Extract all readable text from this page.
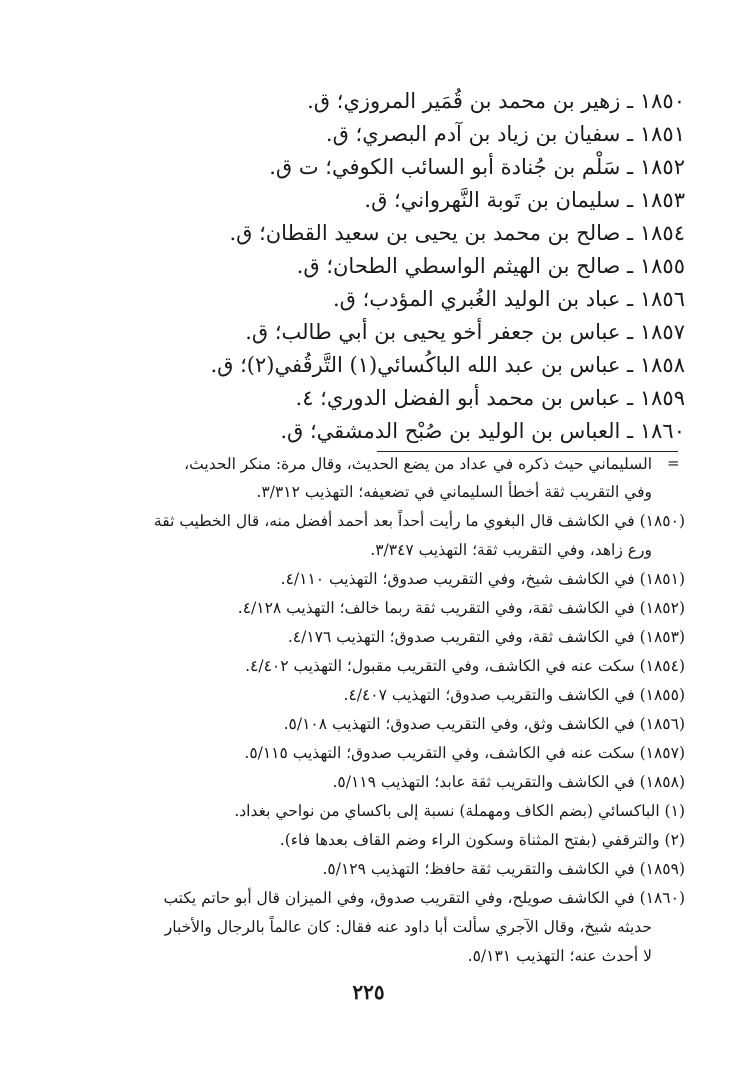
١٨٥٠ ـ زهير بن محمد بن قُمَير المروزي؛ ق.
١٨٥١ ـ سفيان بن زياد بن آدم البصري؛ ق.
١٨٥٢ ـ سَلْم بن جُنادة أبو السائب الكوفي؛ ت ق.
١٨٥٣ ـ سليمان بن تَوبة النَّهرواني؛ ق.
١٨٥٤ ـ صالح بن محمد بن يحيى بن سعيد القطان؛ ق.
١٨٥٥ ـ صالح بن الهيثم الواسطي الطحان؛ ق.
١٨٥٦ ـ عباد بن الوليد الغُبري المؤدب؛ ق.
١٨٥٧ ـ عباس بن جعفر أخو يحيى بن أبي طالب؛ ق.
١٨٥٨ ـ عباس بن عبد الله الباكُسائي(١) التَّرقُفي(٢)؛ ق.
١٨٥٩ ـ عباس بن محمد أبو الفضل الدوري؛ ٤.
١٨٦٠ ـ العباس بن الوليد بن صُبْح الدمشقي؛ ق.
=
السليماني حيث ذكره في عداد من يضع الحديث، وقال مرة: منكر الحديث،
وفي التقريب ثقة أخطأ السليماني في تضعيفه؛ التهذيب ٣/٣١٢.
(١٨٥٠) في الكاشف قال البغوي ما رأيت أحداً بعد أحمد أفضل منه، قال الخطيب ثقة
ورع زاهد، وفي التقريب ثقة؛ التهذيب ٣/٣٤٧.
(١٨٥١) في الكاشف شيخ، وفي التقريب صدوق؛ التهذيب ٤/١١٠.
(١٨٥٢) في الكاشف ثقة، وفي التقريب ثقة ربما خالف؛ التهذيب ٤/١٢٨.
(١٨٥٣) في الكاشف ثقة، وفي التقريب صدوق؛ التهذيب ٤/١٧٦.
(١٨٥٤) سكت عنه في الكاشف، وفي التقريب مقبول؛ التهذيب ٤/٤٠٢.
(١٨٥٥) في الكاشف والتقريب صدوق؛ التهذيب ٤/٤٠٧.
(١٨٥٦) في الكاشف وثق، وفي التقريب صدوق؛ التهذيب ٥/١٠٨.
(١٨٥٧) سكت عنه في الكاشف، وفي التقريب صدوق؛ التهذيب ٥/١١٥.
(١٨٥٨) في الكاشف والتقريب ثقة عابد؛ التهذيب ٥/١١٩.
(١) الباكسائي (بضم الكاف ومهملة) نسبة إلى باكساي من نواحي بغداد.
(٢) والترقفي (بفتح المثناة وسكون الراء وضم القاف بعدها فاء).
(١٨٥٩) في الكاشف والتقريب ثقة حافظ؛ التهذيب ٥/١٢٩.
(١٨٦٠) في الكاشف صويلح، وفي التقريب صدوق، وفي الميزان قال أبو حاتم يكتب
حديثه شيخ، وقال الآجري سألت أبا داود عنه فقال: كان عالماً بالرجال والأخبار
لا أحدث عنه؛ التهذيب ٥/١٣١.
٢٢٥
